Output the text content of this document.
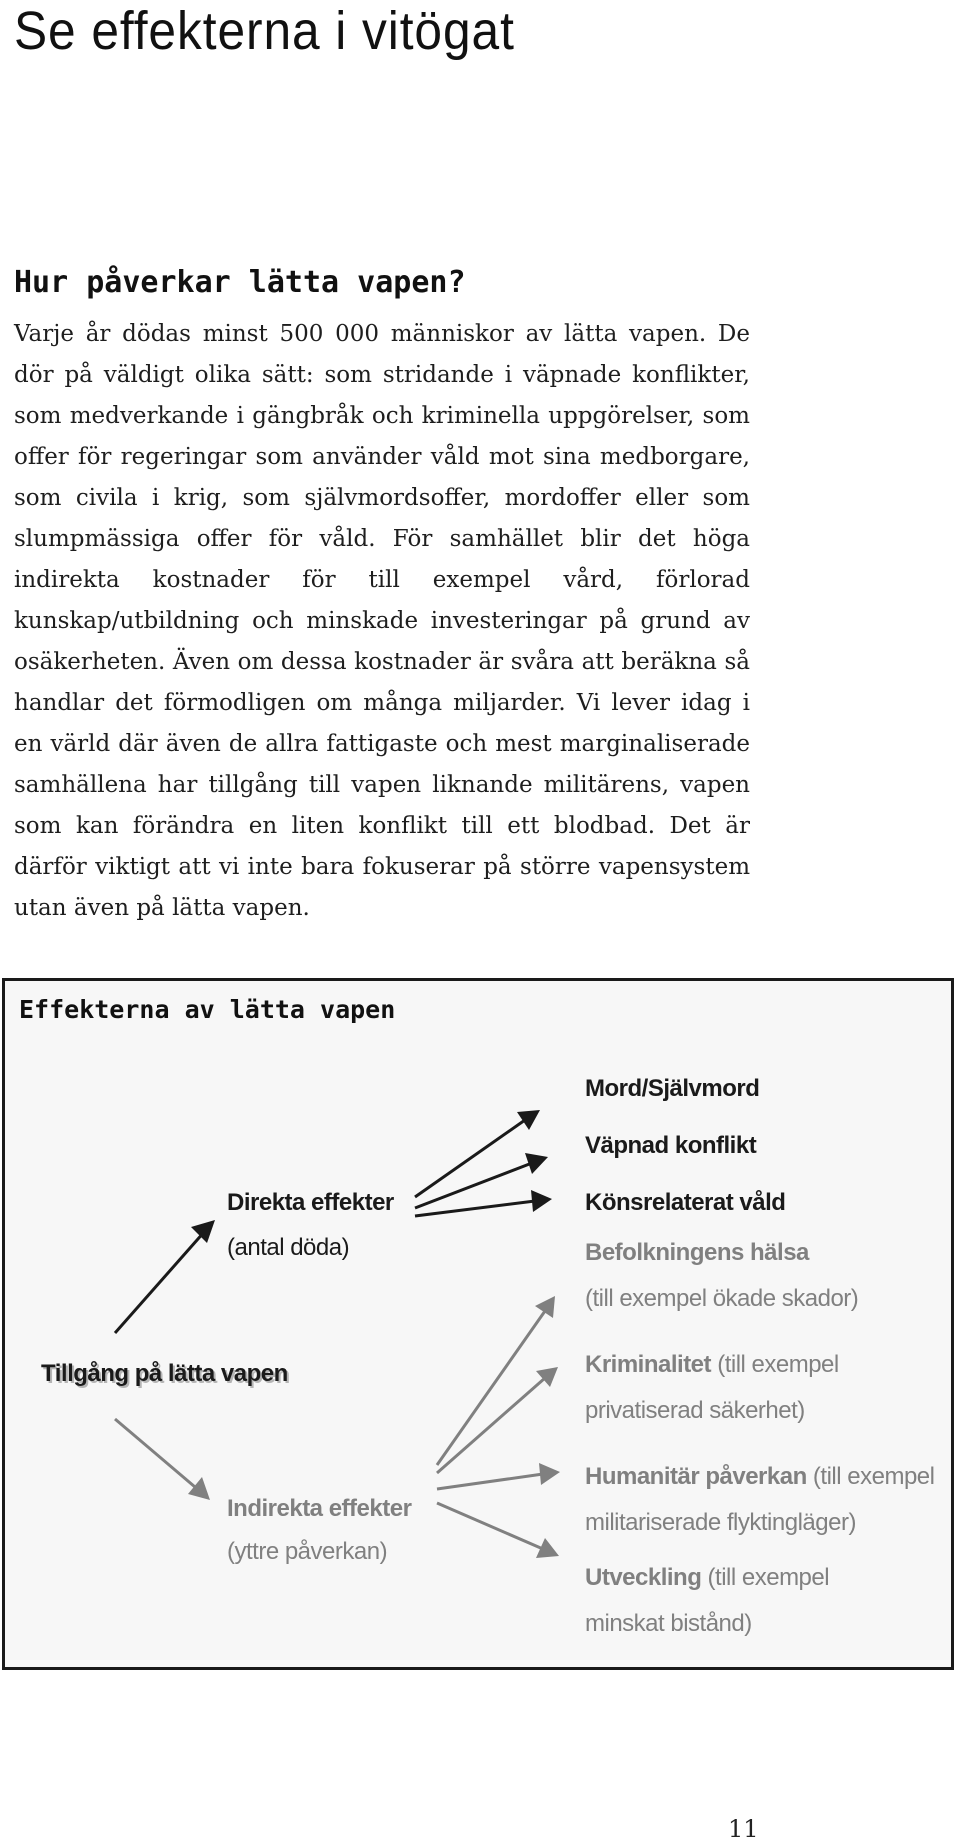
Se effekterna i vitögat
Hur påverkar lätta vapen?

Varje år dödas minst 500 000 människor av lätta vapen. De dör på väldigt olika sätt: som stridande i väpnade konflikter, som medverkande i gängbråk och kriminella uppgörelser, som offer för regeringar som använder våld mot sina medborgare, som civila i krig, som självmordsoffer, mordoffer eller som slumpmässiga offer för våld. För samhället blir det höga indirekta kostnader för till exempel vård, förlorad kunskap/utbildning och minskade investeringar på grund av osäkerheten. Även om dessa kostnader är svåra att beräkna så handlar det förmodligen om många miljarder. Vi lever idag i en värld där även de allra fattigaste och mest marginaliserade samhällena har tillgång till vapen liknande militärens, vapen som kan förändra en liten konflikt till ett blodbad. Det är därför viktigt att vi inte bara fokuserar på större vapensystem utan även på lätta vapen.

Effekterna av lätta vapen
Tillgång på lätta vapen
Direkta effekter
(antal döda)
Indirekta effekter
(yttre påverkan)
Mord/Självmord
Väpnad konflikt
Könsrelaterat våld
Befolkningens hälsa
(till exempel ökade skador)
Kriminalitet (till exempel
privatiserad säkerhet)
Humanitär påverkan (till exempel
militariserade flyktingläger)
Utveckling (till exempel
minskat bistånd)
11
